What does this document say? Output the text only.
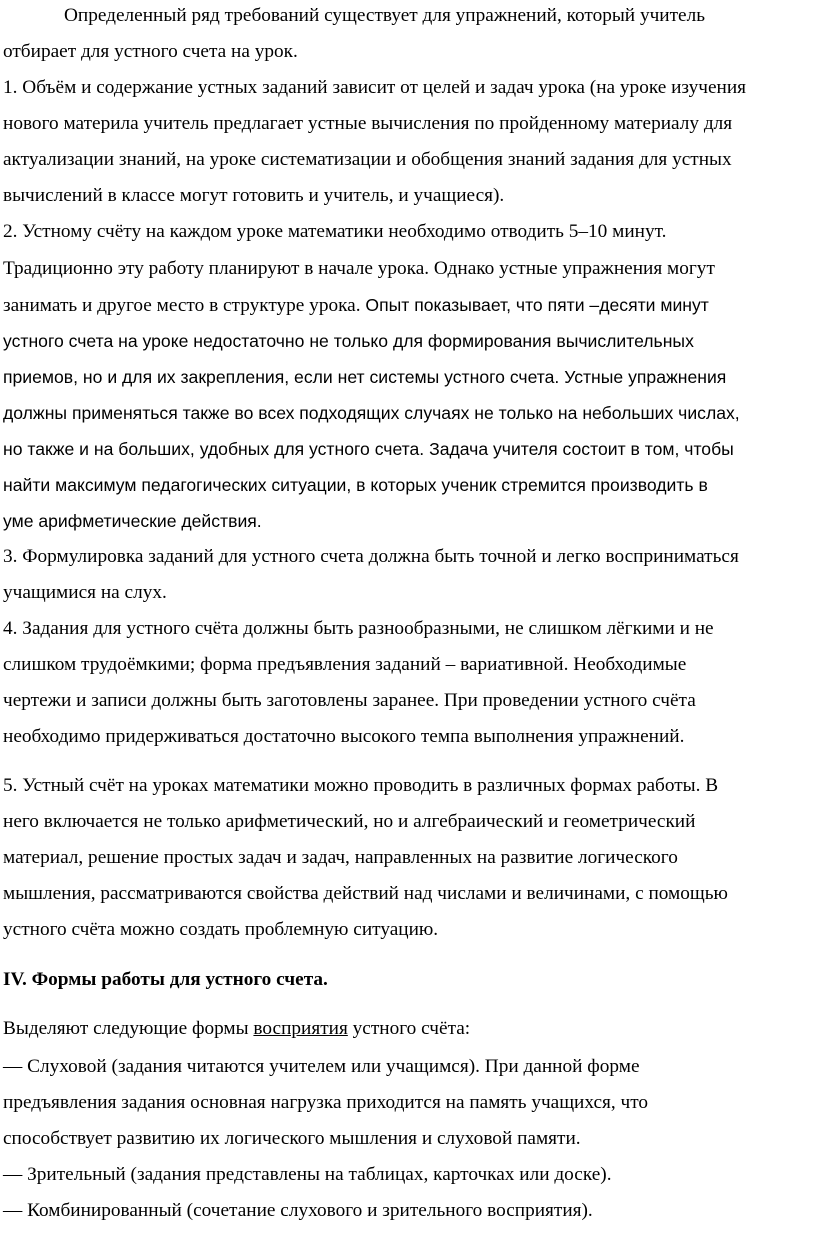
Определенный ряд требований существует для упражнений, который учитель
отбирает для устного счета на урок.
1. Объём и содержание устных заданий зависит от целей и задач урока (на уроке изучения
нового материла учитель предлагает устные вычисления по пройденному материалу для
актуализации знаний, на уроке систематизации и обобщения знаний задания для устных
вычислений в классе могут готовить и учитель, и учащиеся).
2. Устному счёту на каждом уроке математики необходимо отводить 5–10 минут.
Традиционно эту работу планируют в начале урока. Однако устные упражнения могут
занимать и другое место в структуре урока. Опыт показывает, что пяти –десяти минут
устного счета на уроке недостаточно не только для формирования вычислительных
приемов, но и для их закрепления, если нет системы устного счета. Устные упражнения
должны применяться также во всех подходящих случаях не только на небольших числах,
но также и на больших, удобных для устного счета. Задача учителя состоит в том, чтобы
найти максимум педагогических ситуации, в которых ученик стремится производить в
уме арифметические действия.
3. Формулировка заданий для устного счета должна быть точной и легко восприниматься
учащимися на слух.
4. Задания для устного счёта должны быть разнообразными, не слишком лёгкими и не
слишком трудоёмкими; форма предъявления заданий – вариативной. Необходимые
чертежи и записи должны быть заготовлены заранее. При проведении устного счёта
необходимо придерживаться достаточно высокого темпа выполнения упражнений.
5. Устный счёт на уроках математики можно проводить в различных формах работы. В
него включается не только арифметический, но и алгебраический и геометрический
материал, решение простых задач и задач, направленных на развитие логического
мышления, рассматриваются свойства действий над числами и величинами, с помощью
устного счёта можно создать проблемную ситуацию.
IV. Формы работы для устного счета.
Выделяют следующие формы восприятия устного счёта:
— Слуховой (задания читаются учителем или учащимся). При данной форме
предъявления задания основная нагрузка приходится на память учащихся, что
способствует развитию их логического мышления и слуховой памяти.
— Зрительный (задания представлены на таблицах, карточках или доске).
— Комбинированный (сочетание слухового и зрительного восприятия).
